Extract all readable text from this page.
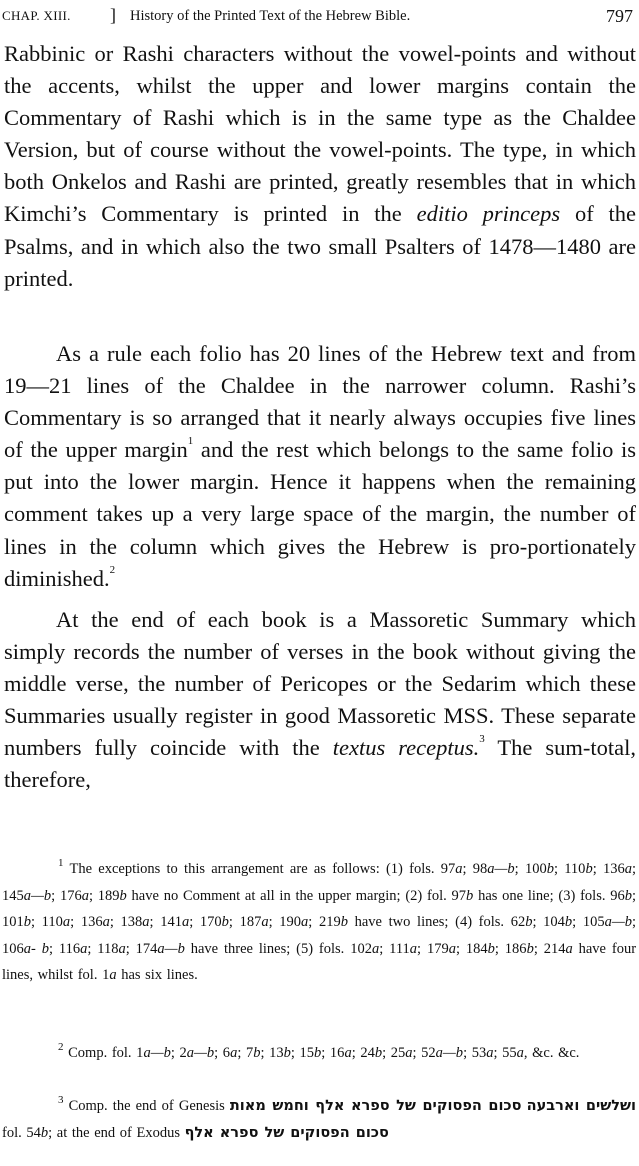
CHAP. XIII. ] History of the Printed Text of the Hebrew Bible.	797
Rabbinic or Rashi characters without the vowel-points and without the accents, whilst the upper and lower margins contain the Commentary of Rashi which is in the same type as the Chaldee Version, but of course without the vowel-points. The type, in which both Onkelos and Rashi are printed, greatly resembles that in which Kimchi’s Commentary is printed in the editio princeps of the Psalms, and in which also the two small Psalters of 1478—1480 are printed.
As a rule each folio has 20 lines of the Hebrew text and from 19—21 lines of the Chaldee in the narrower column. Rashi’s Commentary is so arranged that it nearly always occupies five lines of the upper margin$^1$ and the rest which belongs to the same folio is put into the lower margin. Hence it happens when the remaining comment takes up a very large space of the margin, the number of lines in the column which gives the Hebrew is pro-portionately diminished.$^2$
At the end of each book is a Massoretic Summary which simply records the number of verses in the book without giving the middle verse, the number of Pericopes or the Sedarim which these Summaries usually register in good Massoretic MSS. These separate numbers fully coincide with the textus receptus.$^3$ The sum-total, therefore,
$^1$ The exceptions to this arrangement are as follows: (1) fols. 97a; 98a—b; 100b; 110b; 136a; 145a—b; 176a; 189b have no Comment at all in the upper margin; (2) fol. 97b has one line; (3) fols. 96b; 101b; 110a; 136a; 138a; 141a; 170b; 187a; 190a; 219b have two lines; (4) fols. 62b; 104b; 105a—b; 106a- b; 116a; 118a; 174a—b have three lines; (5) fols. 102a; 111a; 179a; 184b; 186b; 214a have four lines, whilst fol. 1a has six lines.
$^2$ Comp. fol. 1a—b; 2a—b; 6a; 7b; 13b; 15b; 16a; 24b; 25a; 52a—b; 53a; 55a, &c. &c.
$^3$ Comp. the end of Genesis סכום הפסוקים של ספרא אלף וחמש מאות ושלשים וארבעה fol. 54b; at the end of Exodus סכום הפסוקים של ספרא אלף
